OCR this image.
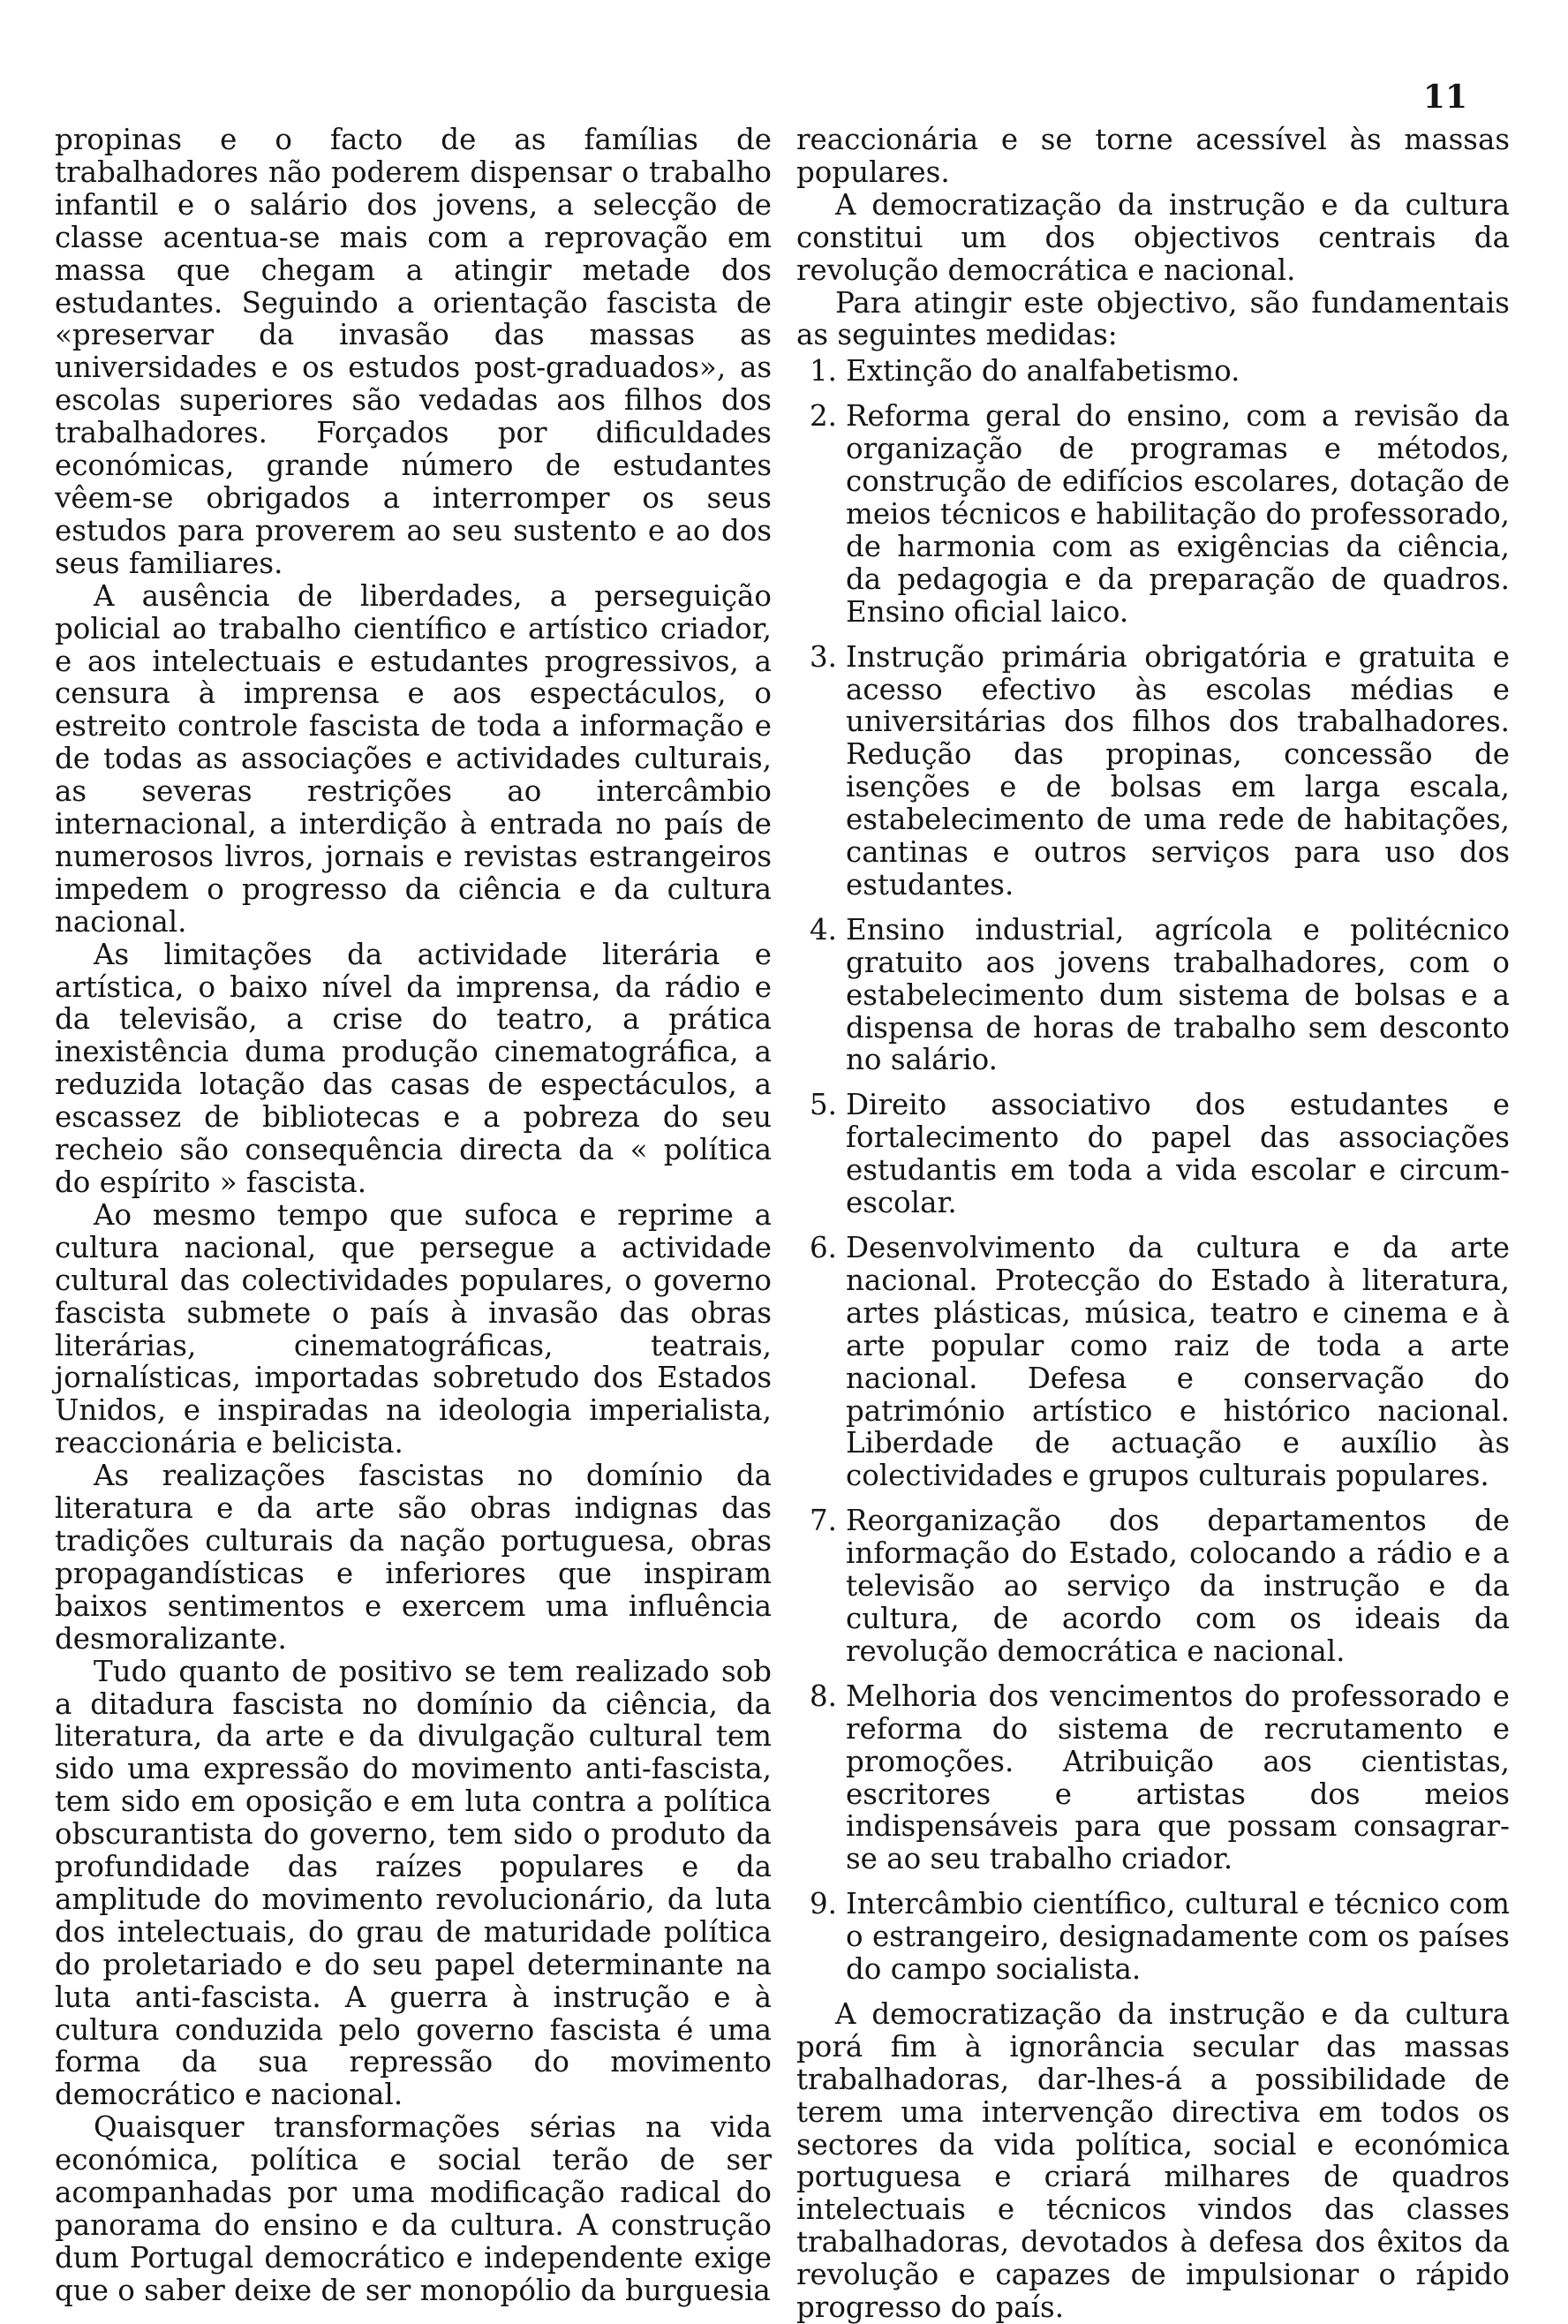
11

propinas e o facto de as famílias de trabalhadores não poderem dispensar o trabalho infantil e o salário dos jovens, a selecção de classe acentua-se mais com a reprovação em massa que chegam a atingir metade dos estudantes. Seguindo a orientação fascista de «preservar da invasão das massas as universidades e os estudos post-graduados», as escolas superiores são vedadas aos filhos dos trabalhadores. Forçados por dificuldades económicas, grande número de estudantes vêem-se obrigados a interromper os seus estudos para proverem ao seu sustento e ao dos seus familiares.

A ausência de liberdades, a perseguição policial ao trabalho científico e artístico criador, e aos intelectuais e estudantes progressivos, a censura à imprensa e aos espectáculos, o estreito controle fascista de toda a informação e de todas as associações e actividades culturais, as severas restrições ao intercâmbio internacional, a interdição à entrada no país de numerosos livros, jornais e revistas estrangeiros impedem o progresso da ciência e da cultura nacional.

As limitações da actividade literária e artística, o baixo nível da imprensa, da rádio e da televisão, a crise do teatro, a prática inexistência duma produção cinematográfica, a reduzida lotação das casas de espectáculos, a escassez de bibliotecas e a pobreza do seu recheio são consequência directa da « política do espírito » fascista.

Ao mesmo tempo que sufoca e reprime a cultura nacional, que persegue a actividade cultural das colectividades populares, o governo fascista submete o país à invasão das obras literárias, cinematográficas, teatrais, jornalísticas, importadas sobretudo dos Estados Unidos, e inspiradas na ideologia imperialista, reaccionária e belicista.

As realizações fascistas no domínio da literatura e da arte são obras indignas das tradições culturais da nação portuguesa, obras propagandísticas e inferiores que inspiram baixos sentimentos e exercem uma influência desmoralizante.

Tudo quanto de positivo se tem realizado sob a ditadura fascista no domínio da ciência, da literatura, da arte e da divulgação cultural tem sido uma expressão do movimento anti-fascista, tem sido em oposição e em luta contra a política obscurantista do governo, tem sido o produto da profundidade das raízes populares e da amplitude do movimento revolucionário, da luta dos intelectuais, do grau de maturidade política do proletariado e do seu papel determinante na luta anti-fascista. A guerra à instrução e à cultura conduzida pelo governo fascista é uma forma da sua repressão do movimento democrático e nacional.

Quaisquer transformações sérias na vida económica, política e social terão de ser acompanhadas por uma modificação radical do panorama do ensino e da cultura. A construção dum Portugal democrático e independente exige que o saber deixe de ser monopólio da burguesia

reaccionária e se torne acessível às massas populares.

A democratização da instrução e da cultura constitui um dos objectivos centrais da revolução democrática e nacional.

Para atingir este objectivo, são fundamentais as seguintes medidas:

1. Extinção do analfabetismo.
2. Reforma geral do ensino, com a revisão da organização de programas e métodos, construção de edifícios escolares, dotação de meios técnicos e habilitação do professorado, de harmonia com as exigências da ciência, da pedagogia e da preparação de quadros. Ensino oficial laico.
3. Instrução primária obrigatória e gratuita e acesso efectivo às escolas médias e universitárias dos filhos dos trabalhadores. Redução das propinas, concessão de isenções e de bolsas em larga escala, estabelecimento de uma rede de habitações, cantinas e outros serviços para uso dos estudantes.
4. Ensino industrial, agrícola e politécnico gratuito aos jovens trabalhadores, com o estabelecimento dum sistema de bolsas e a dispensa de horas de trabalho sem desconto no salário.
5. Direito associativo dos estudantes e fortalecimento do papel das associações estudantis em toda a vida escolar e circum-escolar.
6. Desenvolvimento da cultura e da arte nacional. Protecção do Estado à literatura, artes plásticas, música, teatro e cinema e à arte popular como raiz de toda a arte nacional. Defesa e conservação do património artístico e histórico nacional. Liberdade de actuação e auxílio às colectividades e grupos culturais populares.
7. Reorganização dos departamentos de informação do Estado, colocando a rádio e a televisão ao serviço da instrução e da cultura, de acordo com os ideais da revolução democrática e nacional.
8. Melhoria dos vencimentos do professorado e reforma do sistema de recrutamento e promoções. Atribuição aos cientistas, escritores e artistas dos meios indispensáveis para que possam consagrar-se ao seu trabalho criador.
9. Intercâmbio científico, cultural e técnico com o estrangeiro, designadamente com os países do campo socialista.

A democratização da instrução e da cultura porá fim à ignorância secular das massas trabalhadoras, dar-lhes-á a possibilidade de terem uma intervenção directiva em todos os sectores da vida política, social e económica portuguesa e criará milhares de quadros intelectuais e técnicos vindos das classes trabalhadoras, devotados à defesa dos êxitos da revolução e capazes de impulsionar o rápido progresso do país.
